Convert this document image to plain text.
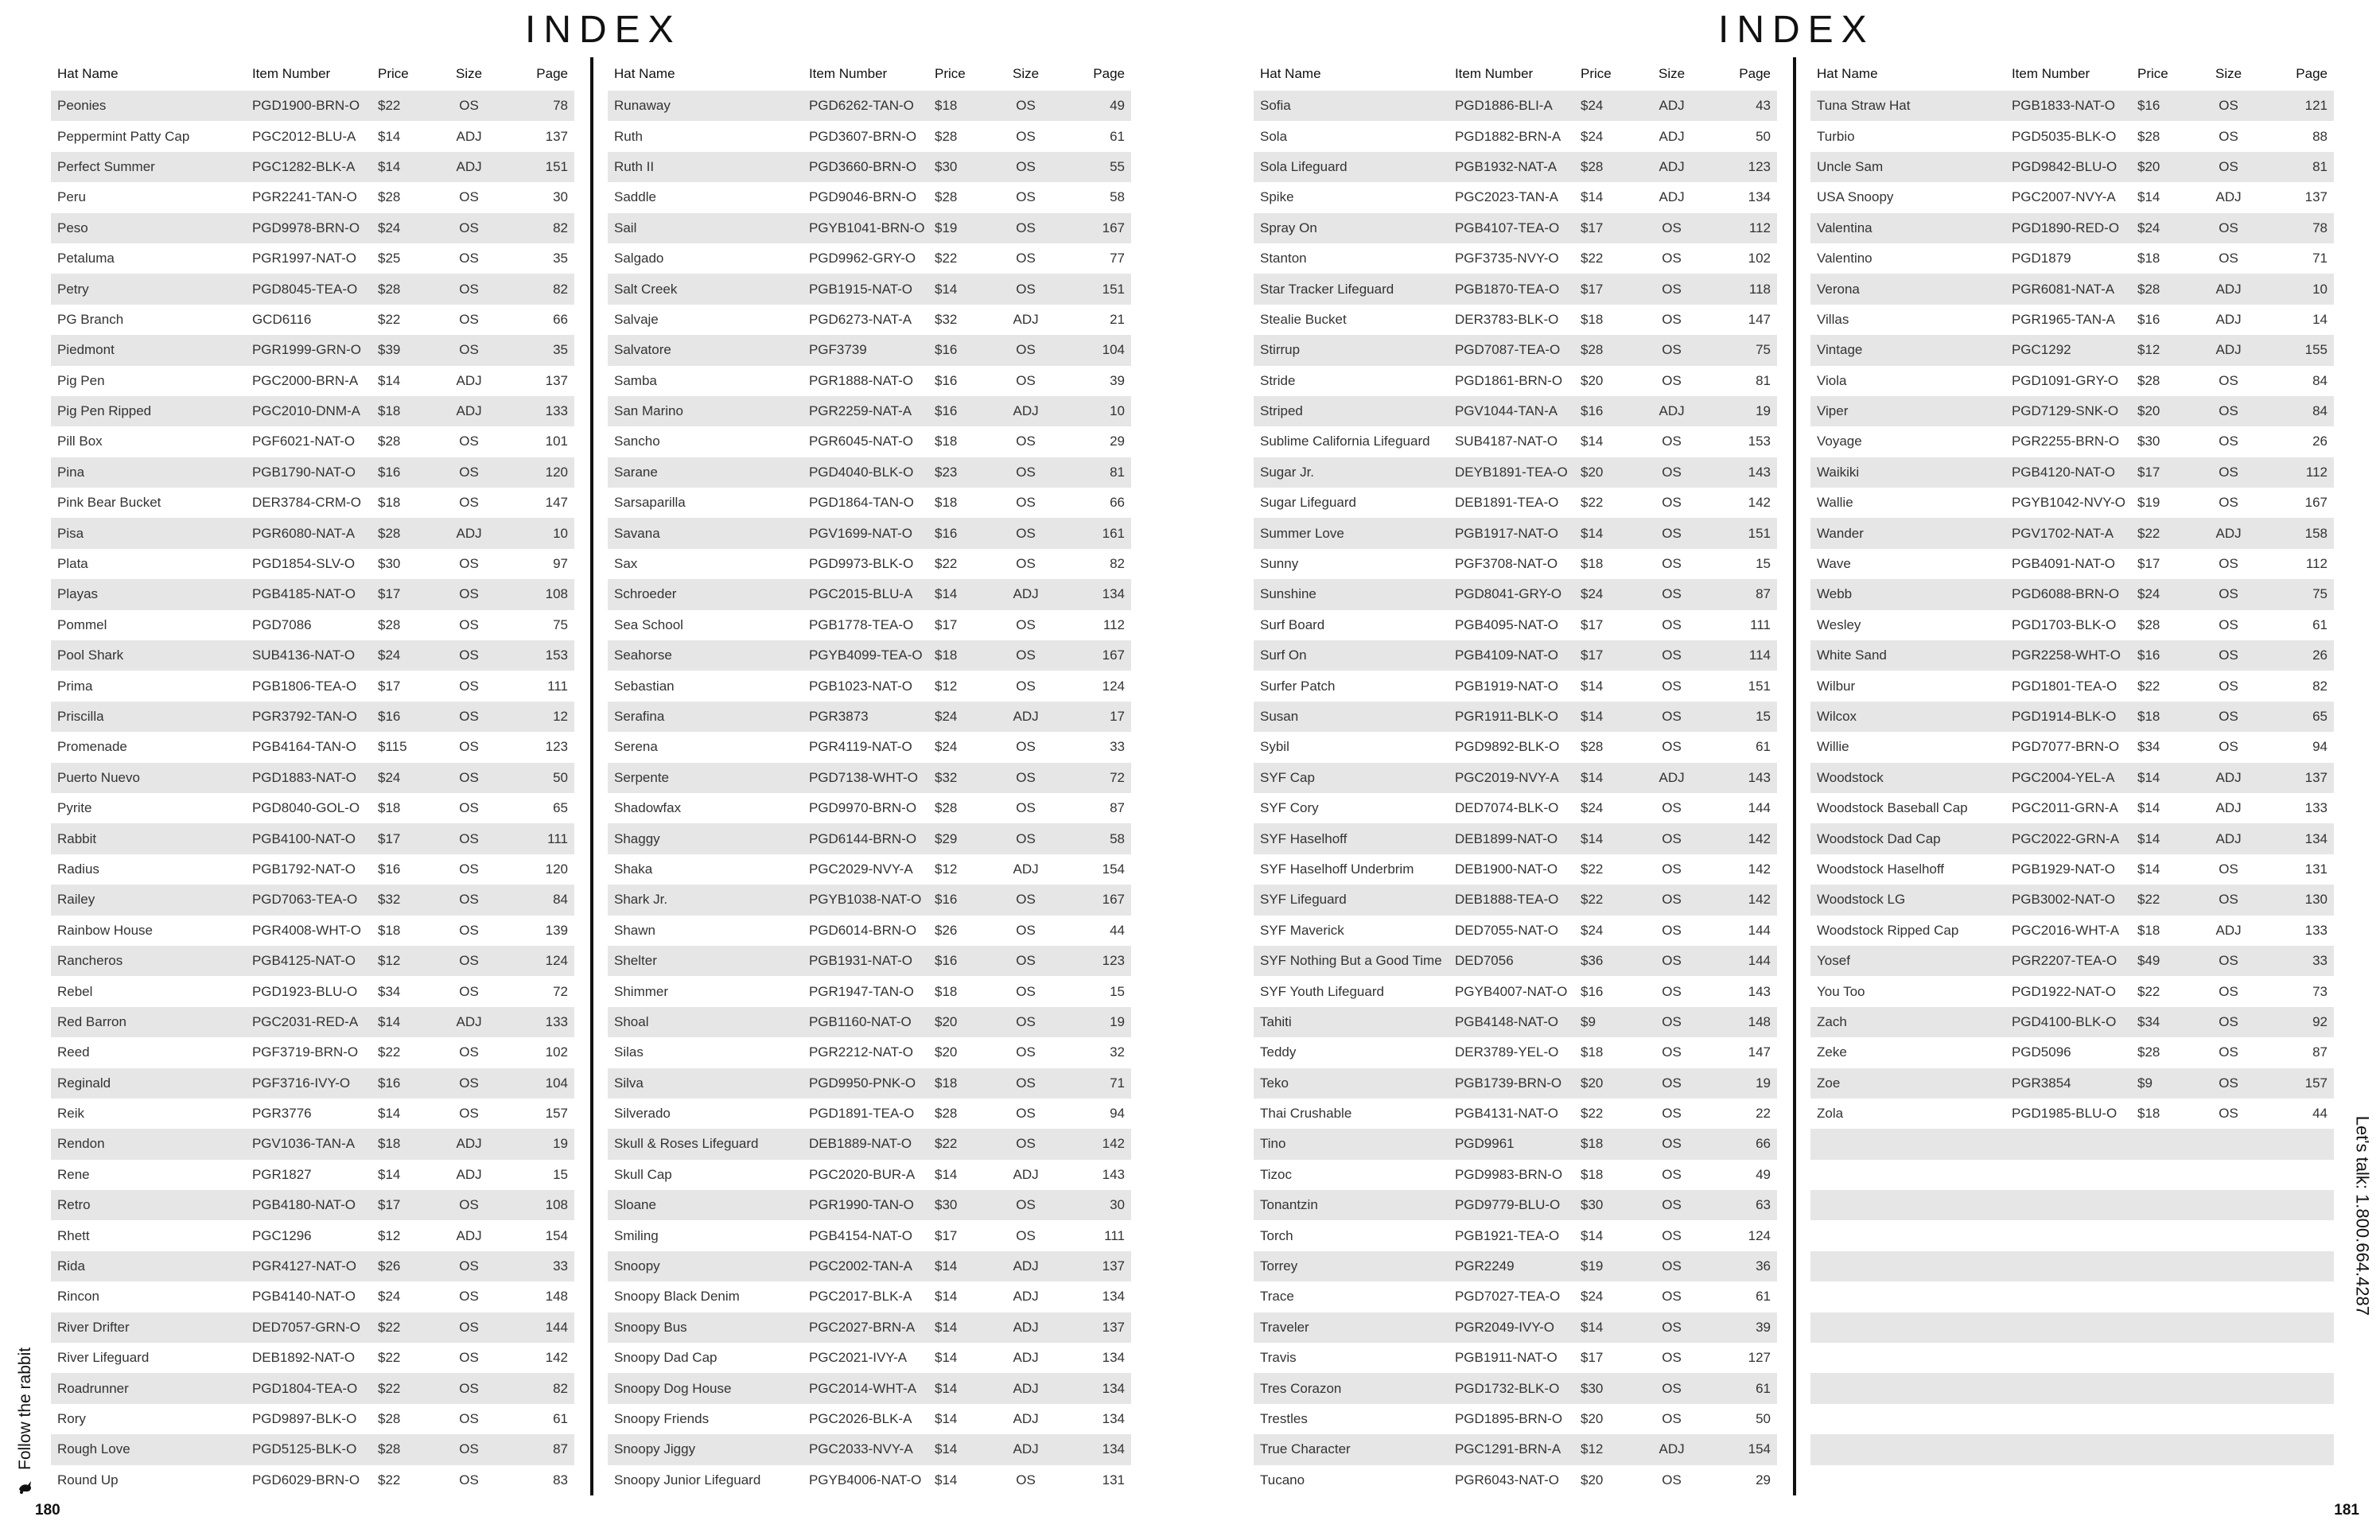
INDEX
Hat Name	Item Number	Price	Size	Page
Peonies	PGD1900-BRN-O	$22	OS	78
Peppermint Patty Cap	PGC2012-BLU-A	$14	ADJ	137
Perfect Summer	PGC1282-BLK-A	$14	ADJ	151
Peru	PGR2241-TAN-O	$28	OS	30
Peso	PGD9978-BRN-O	$24	OS	82
Petaluma	PGR1997-NAT-O	$25	OS	35
Petry	PGD8045-TEA-O	$28	OS	82
PG Branch	GCD6116	$22	OS	66
Piedmont	PGR1999-GRN-O	$39	OS	35
Pig Pen	PGC2000-BRN-A	$14	ADJ	137
Pig Pen Ripped	PGC2010-DNM-A	$18	ADJ	133
Pill Box	PGF6021-NAT-O	$28	OS	101
Pina	PGB1790-NAT-O	$16	OS	120
Pink Bear Bucket	DER3784-CRM-O	$18	OS	147
Pisa	PGR6080-NAT-A	$28	ADJ	10
Plata	PGD1854-SLV-O	$30	OS	97
Playas	PGB4185-NAT-O	$17	OS	108
Pommel	PGD7086	$28	OS	75
Pool Shark	SUB4136-NAT-O	$24	OS	153
Prima	PGB1806-TEA-O	$17	OS	111
Priscilla	PGR3792-TAN-O	$16	OS	12
Promenade	PGB4164-TAN-O	$115	OS	123
Puerto Nuevo	PGD1883-NAT-O	$24	OS	50
Pyrite	PGD8040-GOL-O	$18	OS	65
Rabbit	PGB4100-NAT-O	$17	OS	111
Radius	PGB1792-NAT-O	$16	OS	120
Railey	PGD7063-TEA-O	$32	OS	84
Rainbow House	PGR4008-WHT-O	$18	OS	139
Rancheros	PGB4125-NAT-O	$12	OS	124
Rebel	PGD1923-BLU-O	$34	OS	72
Red Barron	PGC2031-RED-A	$14	ADJ	133
Reed	PGF3719-BRN-O	$22	OS	102
Reginald	PGF3716-IVY-O	$16	OS	104
Reik	PGR3776	$14	OS	157
Rendon	PGV1036-TAN-A	$18	ADJ	19
Rene	PGR1827	$14	ADJ	15
Retro	PGB4180-NAT-O	$17	OS	108
Rhett	PGC1296	$12	ADJ	154
Rida	PGR4127-NAT-O	$26	OS	33
Rincon	PGB4140-NAT-O	$24	OS	148
River Drifter	DED7057-GRN-O	$22	OS	144
River Lifeguard	DEB1892-NAT-O	$22	OS	142
Roadrunner	PGD1804-TEA-O	$22	OS	82
Rory	PGD9897-BLK-O	$28	OS	61
Rough Love	PGD5125-BLK-O	$28	OS	87
Round Up	PGD6029-BRN-O	$22	OS	83
Hat Name	Item Number	Price	Size	Page
Runaway	PGD6262-TAN-O	$18	OS	49
Ruth	PGD3607-BRN-O	$28	OS	61
Ruth II	PGD3660-BRN-O	$30	OS	55
Saddle	PGD9046-BRN-O	$28	OS	58
Sail	PGYB1041-BRN-O $19	OS	167
Salgado	PGD9962-GRY-O	$22	OS	77
Salt Creek	PGB1915-NAT-O	$14	OS	151
Salvaje	PGD6273-NAT-A	$32	ADJ	21
Salvatore	PGF3739	$16	OS	104
Samba	PGR1888-NAT-O	$16	OS	39
San Marino	PGR2259-NAT-A	$16	ADJ	10
Sancho	PGR6045-NAT-O	$18	OS	29
Sarane	PGD4040-BLK-O	$23	OS	81
Sarsaparilla	PGD1864-TAN-O	$18	OS	66
Savana	PGV1699-NAT-O	$16	OS	161
Sax	PGD9973-BLK-O	$22	OS	82
Schroeder	PGC2015-BLU-A	$14	ADJ	134
Sea School	PGB1778-TEA-O	$17	OS	112
Seahorse	PGYB4099-TEA-O $18	OS	167
Sebastian	PGB1023-NAT-O	$12	OS	124
Serafina	PGR3873	$24	ADJ	17
Serena	PGR4119-NAT-O	$24	OS	33
Serpente	PGD7138-WHT-O	$32	OS	72
Shadowfax	PGD9970-BRN-O	$28	OS	87
Shaggy	PGD6144-BRN-O	$29	OS	58
Shaka	PGC2029-NVY-A	$12	ADJ	154
Shark Jr.	PGYB1038-NAT-O $16	OS	167
Shawn	PGD6014-BRN-O	$26	OS	44
Shelter	PGB1931-NAT-O	$16	OS	123
Shimmer	PGR1947-TAN-O	$18	OS	15
Shoal	PGB1160-NAT-O	$20	OS	19
Silas	PGR2212-NAT-O	$20	OS	32
Silva	PGD9950-PNK-O	$18	OS	71
Silverado	PGD1891-TEA-O	$28	OS	94
Skull & Roses Lifeguard	DEB1889-NAT-O	$22	OS	142
Skull Cap	PGC2020-BUR-A	$14	ADJ	143
Sloane	PGR1990-TAN-O	$30	OS	30
Smiling	PGB4154-NAT-O	$17	OS	111
Snoopy	PGC2002-TAN-A	$14	ADJ	137
Snoopy Black Denim	PGC2017-BLK-A	$14	ADJ	134
Snoopy Bus	PGC2027-BRN-A	$14	ADJ	137
Snoopy Dad Cap	PGC2021-IVY-A	$14	ADJ	134
Snoopy Dog House	PGC2014-WHT-A	$14	ADJ	134
Snoopy Friends	PGC2026-BLK-A	$14	ADJ	134
Snoopy Jiggy	PGC2033-NVY-A	$14	ADJ	134
Snoopy Junior Lifeguard	PGYB4006-NAT-O $14	OS	131
Follow the rabbit
180
INDEX
Hat Name	Item Number	Price	Size	Page
Sofia	PGD1886-BLI-A	$24	ADJ	43
Sola	PGD1882-BRN-A	$24	ADJ	50
Sola Lifeguard	PGB1932-NAT-A	$28	ADJ	123
Spike	PGC2023-TAN-A	$14	ADJ	134
Spray On	PGB4107-TEA-O	$17	OS	112
Stanton	PGF3735-NVY-O	$22	OS	102
Star Tracker Lifeguard	PGB1870-TEA-O	$17	OS	118
Stealie Bucket	DER3783-BLK-O	$18	OS	147
Stirrup	PGD7087-TEA-O	$28	OS	75
Stride	PGD1861-BRN-O	$20	OS	81
Striped	PGV1044-TAN-A	$16	ADJ	19
Sublime California Lifeguard	SUB4187-NAT-O	$14	OS	153
Sugar Jr.	DEYB1891-TEA-O $20	OS	143
Sugar Lifeguard	DEB1891-TEA-O	$22	OS	142
Summer Love	PGB1917-NAT-O	$14	OS	151
Sunny	PGF3708-NAT-O	$18	OS	15
Sunshine	PGD8041-GRY-O	$24	OS	87
Surf Board	PGB4095-NAT-O	$17	OS	111
Surf On	PGB4109-NAT-O	$17	OS	114
Surfer Patch	PGB1919-NAT-O	$14	OS	151
Susan	PGR1911-BLK-O	$14	OS	15
Sybil	PGD9892-BLK-O	$28	OS	61
SYF Cap	PGC2019-NVY-A	$14	ADJ	143
SYF Cory	DED7074-BLK-O	$24	OS	144
SYF Haselhoff	DEB1899-NAT-O	$14	OS	142
SYF Haselhoff Underbrim	DEB1900-NAT-O	$22	OS	142
SYF Lifeguard	DEB1888-TEA-O	$22	OS	142
SYF Maverick	DED7055-NAT-O	$24	OS	144
SYF Nothing But a Good Time DED7056	$36	OS	144
SYF Youth Lifeguard	PGYB4007-NAT-O $16	OS	143
Tahiti	PGB4148-NAT-O	$9	OS	148
Teddy	DER3789-YEL-O	$18	OS	147
Teko	PGB1739-BRN-O	$20	OS	19
Thai Crushable	PGB4131-NAT-O	$22	OS	22
Tino	PGD9961	$18	OS	66
Tizoc	PGD9983-BRN-O	$18	OS	49
Tonantzin	PGD9779-BLU-O	$30	OS	63
Torch	PGB1921-TEA-O	$14	OS	124
Torrey	PGR2249	$19	OS	36
Trace	PGD7027-TEA-O	$24	OS	61
Traveler	PGR2049-IVY-O	$14	OS	39
Travis	PGB1911-NAT-O	$17	OS	127
Tres Corazon	PGD1732-BLK-O	$30	OS	61
Trestles	PGD1895-BRN-O	$20	OS	50
True Character	PGC1291-BRN-A	$12	ADJ	154
Tucano	PGR6043-NAT-O	$20	OS	29
Hat Name	Item Number	Price	Size	Page
Tuna Straw Hat	PGB1833-NAT-O	$16	OS	121
Turbio	PGD5035-BLK-O	$28	OS	88
Uncle Sam	PGD9842-BLU-O	$20	OS	81
USA Snoopy	PGC2007-NVY-A	$14	ADJ	137
Valentina	PGD1890-RED-O	$24	OS	78
Valentino	PGD1879	$18	OS	71
Verona	PGR6081-NAT-A	$28	ADJ	10
Villas	PGR1965-TAN-A	$16	ADJ	14
Vintage	PGC1292	$12	ADJ	155
Viola	PGD1091-GRY-O	$28	OS	84
Viper	PGD7129-SNK-O	$20	OS	84
Voyage	PGR2255-BRN-O	$30	OS	26
Waikiki	PGB4120-NAT-O	$17	OS	112
Wallie	PGYB1042-NVY-O $19	OS	167
Wander	PGV1702-NAT-A	$22	ADJ	158
Wave	PGB4091-NAT-O	$17	OS	112
Webb	PGD6088-BRN-O	$24	OS	75
Wesley	PGD1703-BLK-O	$28	OS	61
White Sand	PGR2258-WHT-O	$16	OS	26
Wilbur	PGD1801-TEA-O	$22	OS	82
Wilcox	PGD1914-BLK-O	$18	OS	65
Willie	PGD7077-BRN-O	$34	OS	94
Woodstock	PGC2004-YEL-A	$14	ADJ	137
Woodstock Baseball Cap	PGC2011-GRN-A	$14	ADJ	133
Woodstock Dad Cap	PGC2022-GRN-A	$14	ADJ	134
Woodstock Haselhoff	PGB1929-NAT-O	$14	OS	131
Woodstock LG	PGB3002-NAT-O	$22	OS	130
Woodstock Ripped Cap	PGC2016-WHT-A	$18	ADJ	133
Yosef	PGR2207-TEA-O	$49	OS	33
You Too	PGD1922-NAT-O	$22	OS	73
Zach	PGD4100-BLK-O	$34	OS	92
Zeke	PGD5096	$28	OS	87
Zoe	PGR3854	$9	OS	157
Zola	PGD1985-BLU-O	$18	OS	44
Let's talk: 1.800.664.4287
181
